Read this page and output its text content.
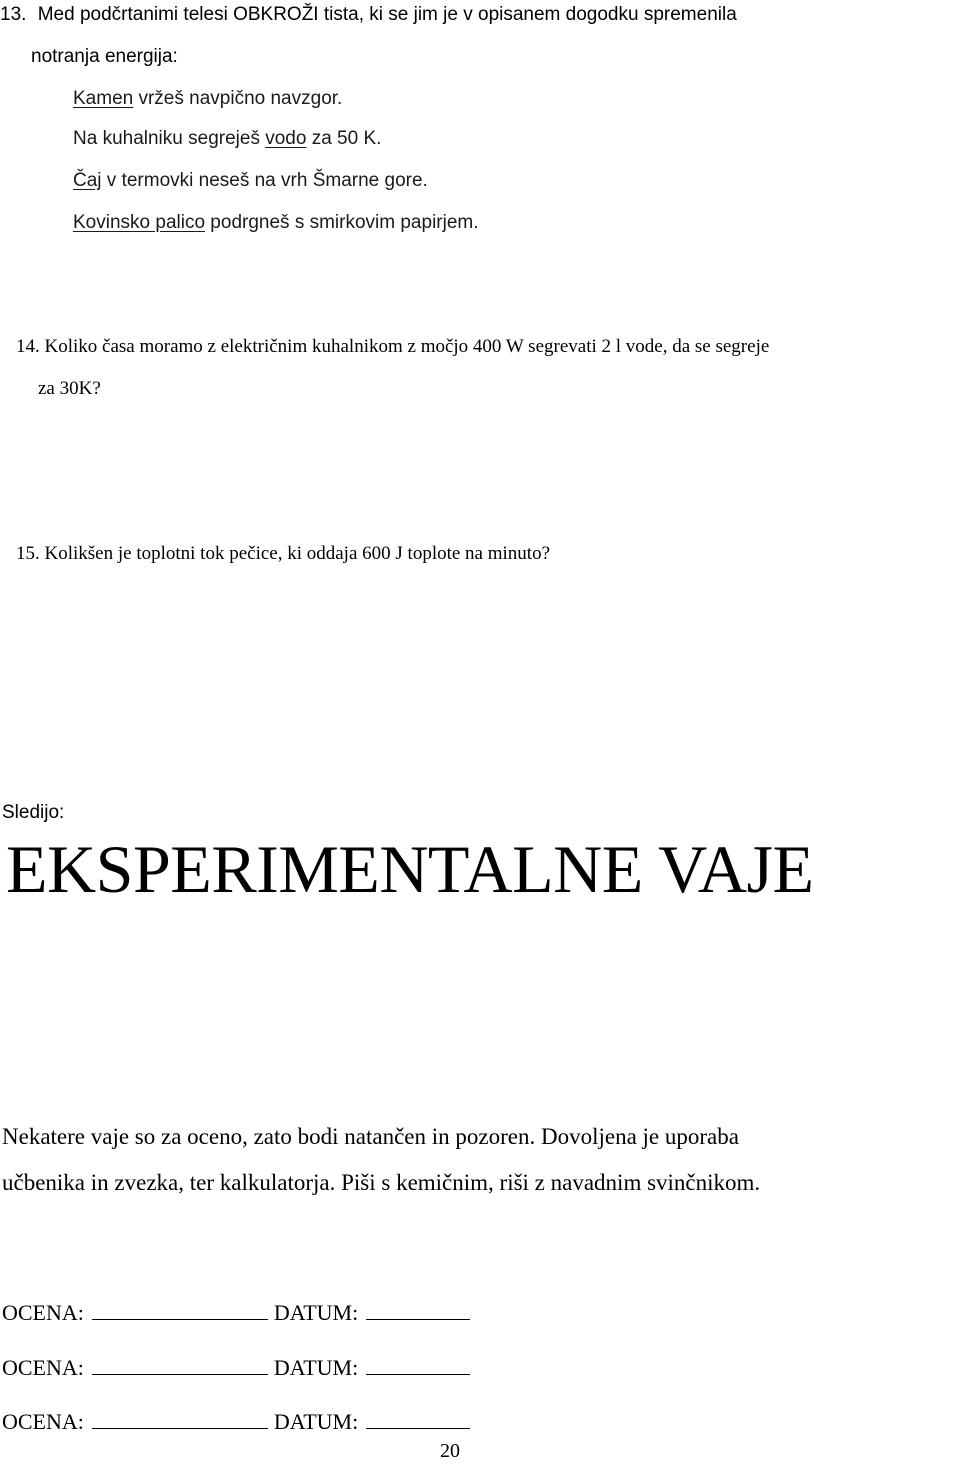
13. Med podčrtanimi telesi OBKROŽI tista, ki se jim je v opisanem dogodku spremenila
notranja energija:
Kamen vržeš navpično navzgor.
Na kuhalniku segreješ vodo za 50 K.
Čaj v termovki neseš na vrh Šmarne gore.
Kovinsko palico podrgneš s smirkovim papirjem.
14. Koliko časa moramo z električnim kuhalnikom z močjo 400 W segrevati 2 l vode, da se segreje
za 30K?
15. Kolikšen je toplotni tok pečice, ki oddaja 600 J toplote na minuto?
Sledijo:
EKSPERIMENTALNE VAJE
Nekatere vaje so za oceno, zato bodi natančen in pozoren. Dovoljena je uporaba
učbenika in zvezka, ter kalkulatorja. Piši s kemičnim, riši z navadnim svinčnikom.
OCENA:	DATUM:
OCENA:	DATUM:
OCENA:	DATUM:
20
